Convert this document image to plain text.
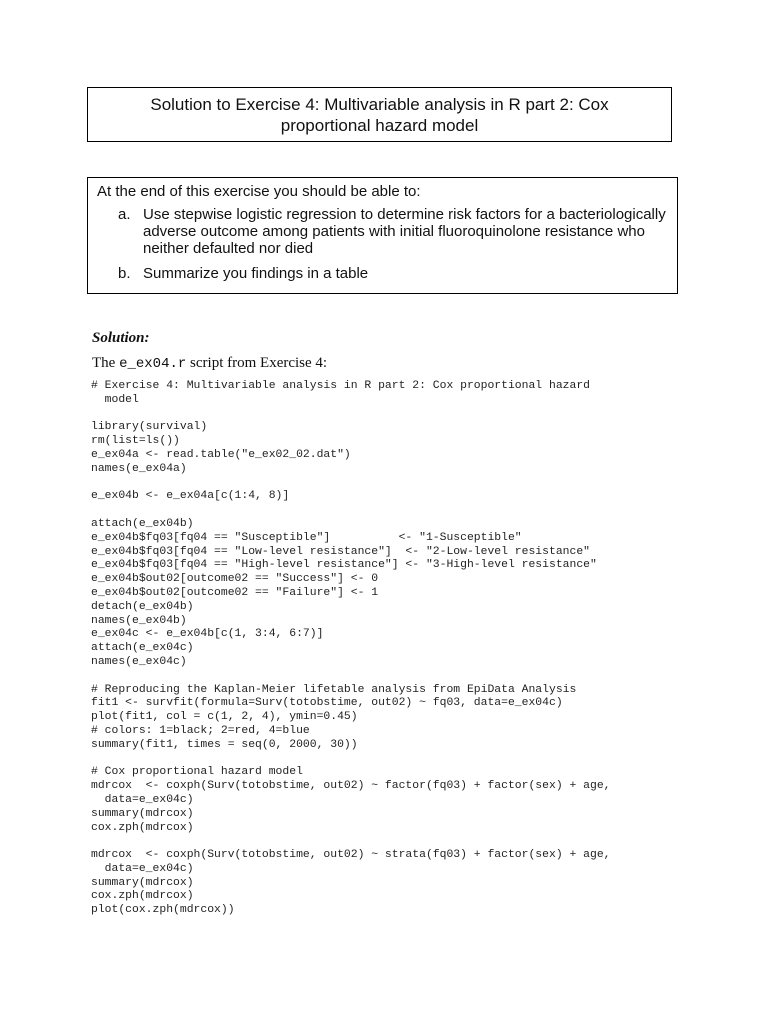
Solution to Exercise 4: Multivariable analysis in R part 2: Cox proportional hazard model
At the end of this exercise you should be able to:
a. Use stepwise logistic regression to determine risk factors for a bacteriologically adverse outcome among patients with initial fluoroquinolone resistance who neither defaulted nor died
b. Summarize you findings in a table
Solution:
The e_ex04.r script from Exercise 4:
# Exercise 4: Multivariable analysis in R part 2: Cox proportional hazard
model
library(survival)
rm(list=ls())
e_ex04a <- read.table("e_ex02_02.dat")
names(e_ex04a)
e_ex04b <- e_ex04a[c(1:4, 8)]
attach(e_ex04b)
e_ex04b$fq03[fq04 == "Susceptible"]          <- "1-Susceptible"
e_ex04b$fq03[fq04 == "Low-level resistance"]  <- "2-Low-level resistance"
e_ex04b$fq03[fq04 == "High-level resistance"] <- "3-High-level resistance"
e_ex04b$out02[outcome02 == "Success"] <- 0
e_ex04b$out02[outcome02 == "Failure"] <- 1
detach(e_ex04b)
names(e_ex04b)
e_ex04c <- e_ex04b[c(1, 3:4, 6:7)]
attach(e_ex04c)
names(e_ex04c)
# Reproducing the Kaplan-Meier lifetable analysis from EpiData Analysis
fit1 <- survfit(formula=Surv(totobstime, out02) ~ fq03, data=e_ex04c)
plot(fit1, col = c(1, 2, 4), ymin=0.45)
# colors: 1=black; 2=red, 4=blue
summary(fit1, times = seq(0, 2000, 30))
# Cox proportional hazard model
mdrcox  <- coxph(Surv(totobstime, out02) ~ factor(fq03) + factor(sex) + age,
data=e_ex04c)
summary(mdrcox)
cox.zph(mdrcox)
mdrcox  <- coxph(Surv(totobstime, out02) ~ strata(fq03) + factor(sex) + age,
data=e_ex04c)
summary(mdrcox)
cox.zph(mdrcox)
plot(cox.zph(mdrcox))
